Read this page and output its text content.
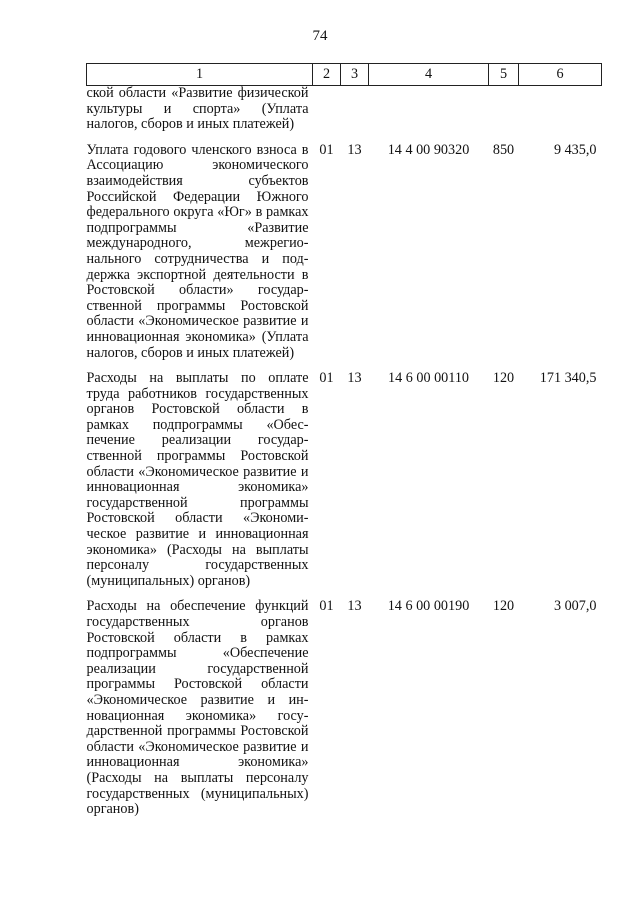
74
1	2	3	4	5	6
ской области «Развитие физической культуры и спорта» (Уплата налогов, сборов и иных платежей)					

Уплата годового членского взноса в Ассоциацию экономического взаимодействия субъектов Российской Федерации Южного федерального округа «Юг» в рамках подпрограммы «Развитие международного, межрегионального сотрудничества и поддержка экспортной деятельности в Ростовской области» государственной программы Ростовской области «Экономическое развитие и инновационная экономика» (Уплата налогов, сборов и иных платежей)	01	13	14 4 00 90320	850	9 435,0

Расходы на выплаты по оплате труда работников государственных органов Ростовской области в рамках подпрограммы «Обеспечение реализации государственной программы Ростовской области «Экономическое развитие и инновационная экономика» государственной программы Ростовской области «Экономическое развитие и инновационная экономика» (Расходы на выплаты персоналу государственных (муниципальных) органов)	01	13	14 6 00 00110	120	171 340,5

Расходы на обеспечение функций государственных органов Ростовской области в рамках подпрограммы «Обеспечение реализации государственной программы Ростовской области «Экономическое развитие и инновационная экономика» государственной программы Ростовской области «Экономическое развитие и инновационная экономика» (Расходы на выплаты персоналу государственных (муниципальных) органов)	01	13	14 6 00 00190	120	3 007,0
